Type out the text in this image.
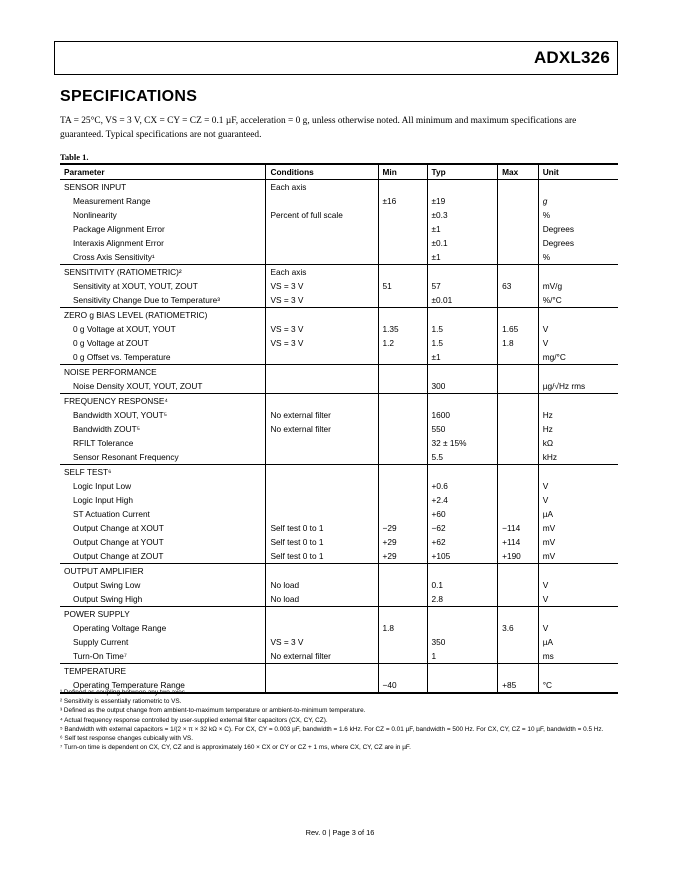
ADXL326
SPECIFICATIONS
TA = 25°C, VS = 3 V, CX = CY = CZ = 0.1 µF, acceleration = 0 g, unless otherwise noted. All minimum and maximum specifications are guaranteed. Typical specifications are not guaranteed.
Table 1.
Parameter	Conditions	Min	Typ	Max	Unit
SENSOR INPUT	Each axis				
Measurement Range		±16	±19		g
Nonlinearity	Percent of full scale		±0.3		%
Package Alignment Error			±1		Degrees
Interaxis Alignment Error			±0.1		Degrees
Cross Axis Sensitivity¹			±1		%
SENSITIVITY (RATIOMETRIC)²	Each axis				
Sensitivity at XOUT, YOUT, ZOUT	VS = 3 V	51	57	63	mV/g
Sensitivity Change Due to Temperature³	VS = 3 V		±0.01		%/°C
ZERO g BIAS LEVEL (RATIOMETRIC)					
0 g Voltage at XOUT, YOUT	VS = 3 V	1.35	1.5	1.65	V
0 g Voltage at ZOUT	VS = 3 V	1.2	1.5	1.8	V
0 g Offset vs. Temperature			±1		mg/°C
NOISE PERFORMANCE					
Noise Density XOUT, YOUT, ZOUT			300		µg/√Hz rms
FREQUENCY RESPONSE⁴					
Bandwidth XOUT, YOUT⁵	No external filter		1600		Hz
Bandwidth ZOUT⁵	No external filter		550		Hz
RFILT Tolerance			32 ± 15%		kΩ
Sensor Resonant Frequency			5.5		kHz
SELF TEST⁶					
Logic Input Low			+0.6		V
Logic Input High			+2.4		V
ST Actuation Current			+60		µA
Output Change at XOUT	Self test 0 to 1	−29	−62	−114	mV
Output Change at YOUT	Self test 0 to 1	+29	+62	+114	mV
Output Change at ZOUT	Self test 0 to 1	+29	+105	+190	mV
OUTPUT AMPLIFIER					
Output Swing Low	No load		0.1		V
Output Swing High	No load		2.8		V
POWER SUPPLY					
Operating Voltage Range		1.8		3.6	V
Supply Current	VS = 3 V		350		µA
Turn-On Time⁷	No external filter		1		ms
TEMPERATURE					
Operating Temperature Range		−40		+85	°C
¹ Defined as coupling between any two axes.
² Sensitivity is essentially ratiometric to VS.
³ Defined as the output change from ambient-to-maximum temperature or ambient-to-minimum temperature.
⁴ Actual frequency response controlled by user-supplied external filter capacitors (CX, CY, CZ).
⁵ Bandwidth with external capacitors = 1/(2 × π × 32 kΩ × C). For CX, CY = 0.003 µF, bandwidth = 1.6 kHz. For CZ = 0.01 µF, bandwidth = 500 Hz. For CX, CY, CZ = 10 µF, bandwidth = 0.5 Hz.
⁶ Self test response changes cubically with VS.
⁷ Turn-on time is dependent on CX, CY, CZ and is approximately 160 × CX or CY or CZ + 1 ms, where CX, CY, CZ are in µF.
Rev. 0 | Page 3 of 16
